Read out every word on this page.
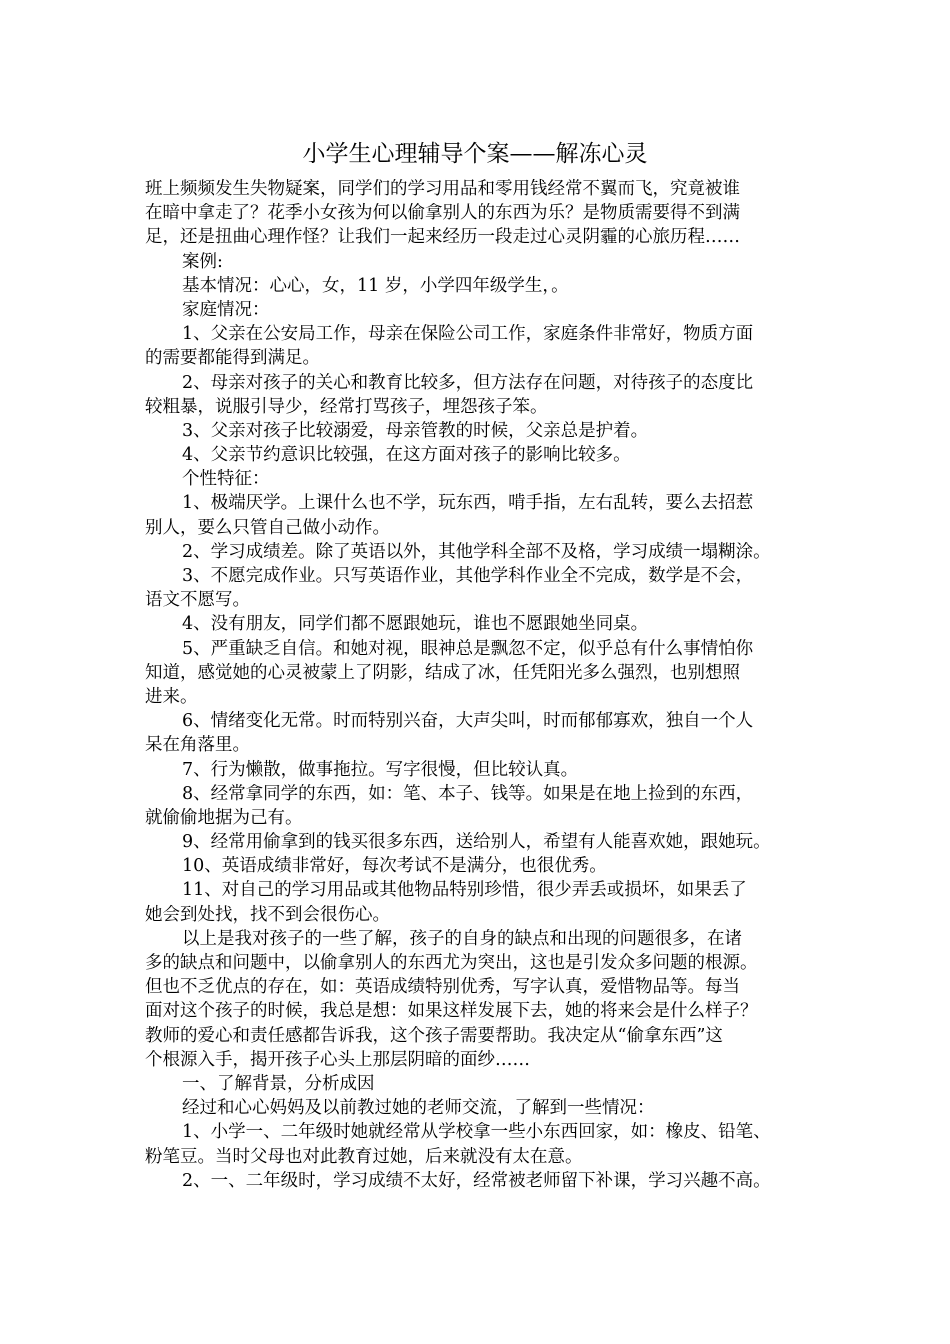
小学生心理辅导个案——解冻心灵
班上频频发生失物疑案，同学们的学习用品和零用钱经常不翼而飞，究竟被谁
在暗中拿走了？花季小女孩为何以偷拿别人的东西为乐？是物质需要得不到满
足，还是扭曲心理作怪？让我们一起来经历一段走过心灵阴霾的心旅历程……
案例:
基本情况：心心，女，11 岁，小学四年级学生，。
家庭情况：
1、父亲在公安局工作，母亲在保险公司工作，家庭条件非常好，物质方面
的需要都能得到满足。
2、母亲对孩子的关心和教育比较多，但方法存在问题，对待孩子的态度比
较粗暴，说服引导少，经常打骂孩子，埋怨孩子笨。
3、父亲对孩子比较溺爱，母亲管教的时候，父亲总是护着。
4、父亲节约意识比较强，在这方面对孩子的影响比较多。
个性特征：
1、极端厌学。上课什么也不学，玩东西，啃手指，左右乱转，要么去招惹
别人，要么只管自己做小动作。
2、学习成绩差。除了英语以外，其他学科全部不及格，学习成绩一塌糊涂。
3、不愿完成作业。只写英语作业，其他学科作业全不完成，数学是不会，
语文不愿写。
4、没有朋友，同学们都不愿跟她玩，谁也不愿跟她坐同桌。
5、严重缺乏自信。和她对视，眼神总是飘忽不定，似乎总有什么事情怕你
知道，感觉她的心灵被蒙上了阴影，结成了冰，任凭阳光多么强烈，也别想照
进来。
6、情绪变化无常。时而特别兴奋，大声尖叫，时而郁郁寡欢，独自一个人
呆在角落里。
7、行为懒散，做事拖拉。写字很慢，但比较认真。
8、经常拿同学的东西，如：笔、本子、钱等。如果是在地上捡到的东西，
就偷偷地据为己有。
9、经常用偷拿到的钱买很多东西，送给别人，希望有人能喜欢她，跟她玩。
10、英语成绩非常好，每次考试不是满分，也很优秀。
11、对自己的学习用品或其他物品特别珍惜，很少弄丢或损坏，如果丢了
她会到处找，找不到会很伤心。
以上是我对孩子的一些了解，孩子的自身的缺点和出现的问题很多，在诸
多的缺点和问题中，以偷拿别人的东西尤为突出，这也是引发众多问题的根源。
但也不乏优点的存在，如：英语成绩特别优秀，写字认真，爱惜物品等。每当
面对这个孩子的时候，我总是想：如果这样发展下去，她的将来会是什么样子？
教师的爱心和责任感都告诉我，这个孩子需要帮助。我决定从“偷拿东西”这
个根源入手，揭开孩子心头上那层阴暗的面纱……
一、了解背景，分析成因
经过和心心妈妈及以前教过她的老师交流，了解到一些情况：
1、小学一、二年级时她就经常从学校拿一些小东西回家，如：橡皮、铅笔、
粉笔豆。当时父母也对此教育过她，后来就没有太在意。
2、一、二年级时，学习成绩不太好，经常被老师留下补课，学习兴趣不高。
